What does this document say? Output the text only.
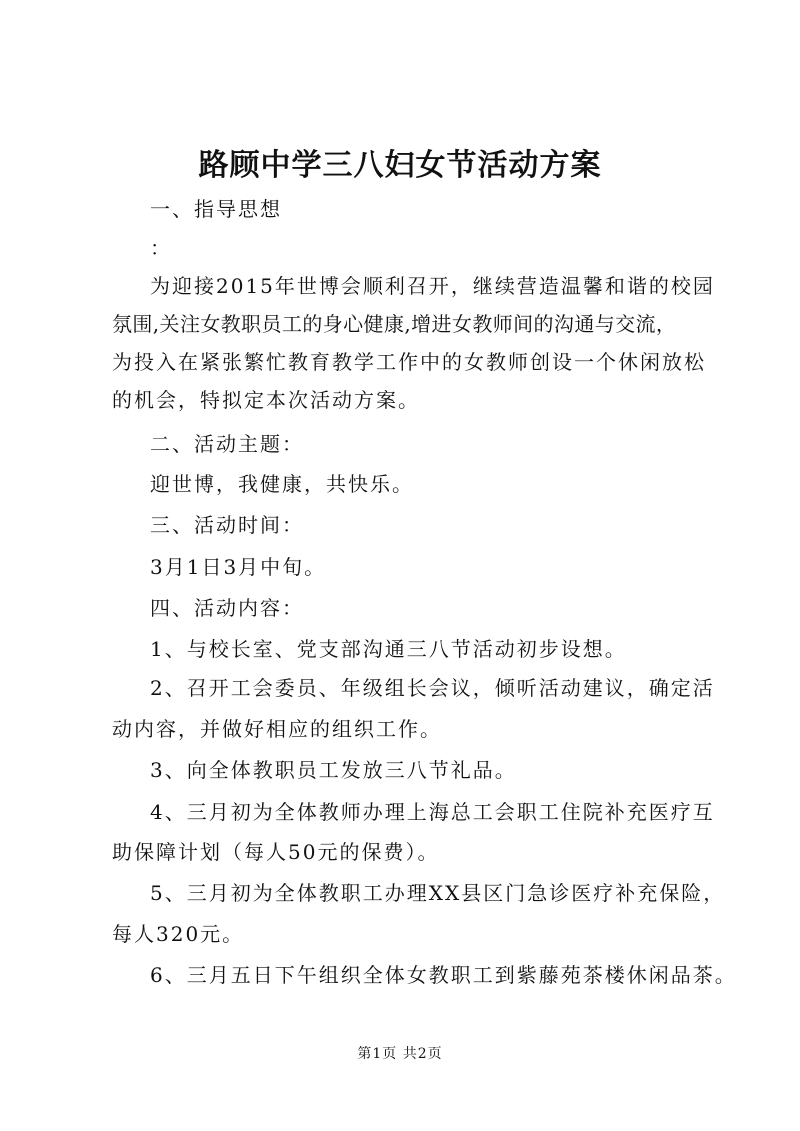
路顾中学三八妇女节活动方案
一、指导思想
：
为迎接2015年世博会顺利召开，继续营造温馨和谐的校园
氛围,关注女教职员工的身心健康,增进女教师间的沟通与交流，
为投入在紧张繁忙教育教学工作中的女教师创设一个休闲放松
的机会，特拟定本次活动方案。
二、活动主题：
迎世博，我健康，共快乐。
三、活动时间：
3月1日3月中旬。
四、活动内容：
1、与校长室、党支部沟通三八节活动初步设想。
2、召开工会委员、年级组长会议，倾听活动建议，确定活
动内容，并做好相应的组织工作。
3、向全体教职员工发放三八节礼品。
4、三月初为全体教师办理上海总工会职工住院补充医疗互
助保障计划（每人50元的保费）。
5、三月初为全体教职工办理XX县区门急诊医疗补充保险，
每人320元。
6、三月五日下午组织全体女教职工到紫藤苑茶楼休闲品茶。
第1页 共2页
